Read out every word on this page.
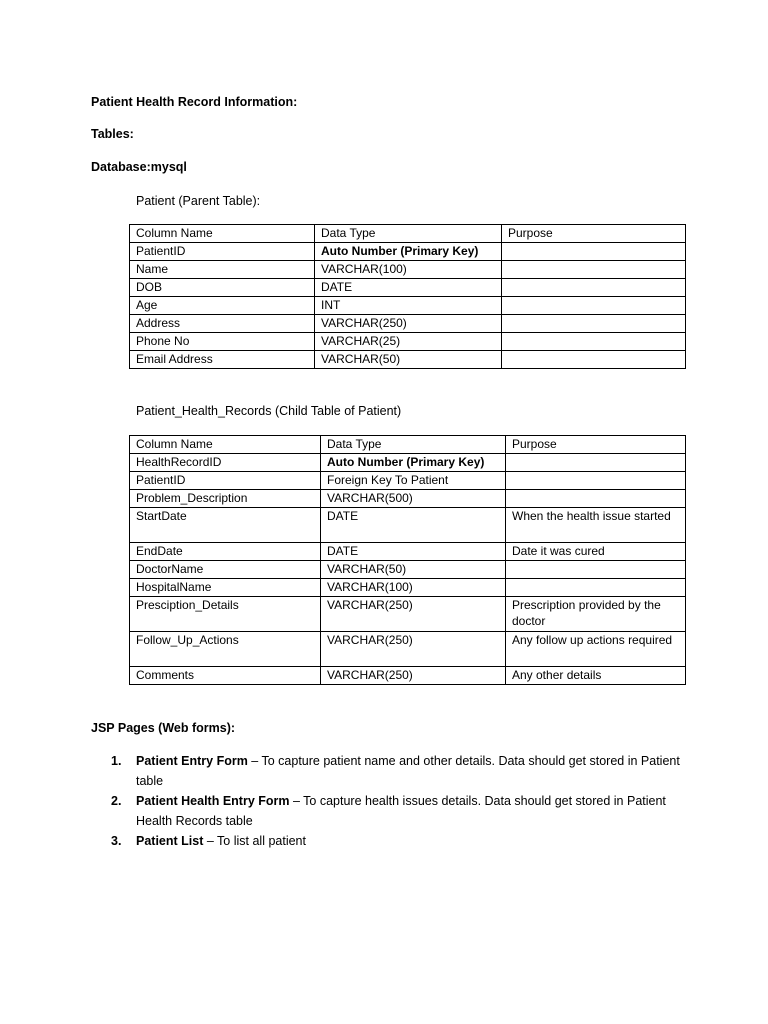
Patient Health Record Information:

Tables:

Database:mysql

Patient (Parent Table):

Column Name	Data Type	Purpose
PatientID	Auto Number (Primary Key)	
Name	VARCHAR(100)	
DOB	DATE	
Age	INT	
Address	VARCHAR(250)	
Phone No	VARCHAR(25)	
Email Address	VARCHAR(50)	

Patient_Health_Records (Child Table of Patient)

Column Name	Data Type	Purpose
HealthRecordID	Auto Number (Primary Key)	
PatientID	Foreign Key To Patient	
Problem_Description	VARCHAR(500)	
StartDate	DATE	When the health issue started
EndDate	DATE	Date it was cured
DoctorName	VARCHAR(50)	
HospitalName	VARCHAR(100)	
Presciption_Details	VARCHAR(250)	Prescription provided by the doctor
Follow_Up_Actions	VARCHAR(250)	Any follow up actions required
Comments	VARCHAR(250)	Any other details

JSP Pages (Web forms):

1. Patient Entry Form – To capture patient name and other details. Data should get stored in Patient table
2. Patient Health Entry Form – To capture health issues details. Data should get stored in Patient Health Records table
3. Patient List – To list all patient
